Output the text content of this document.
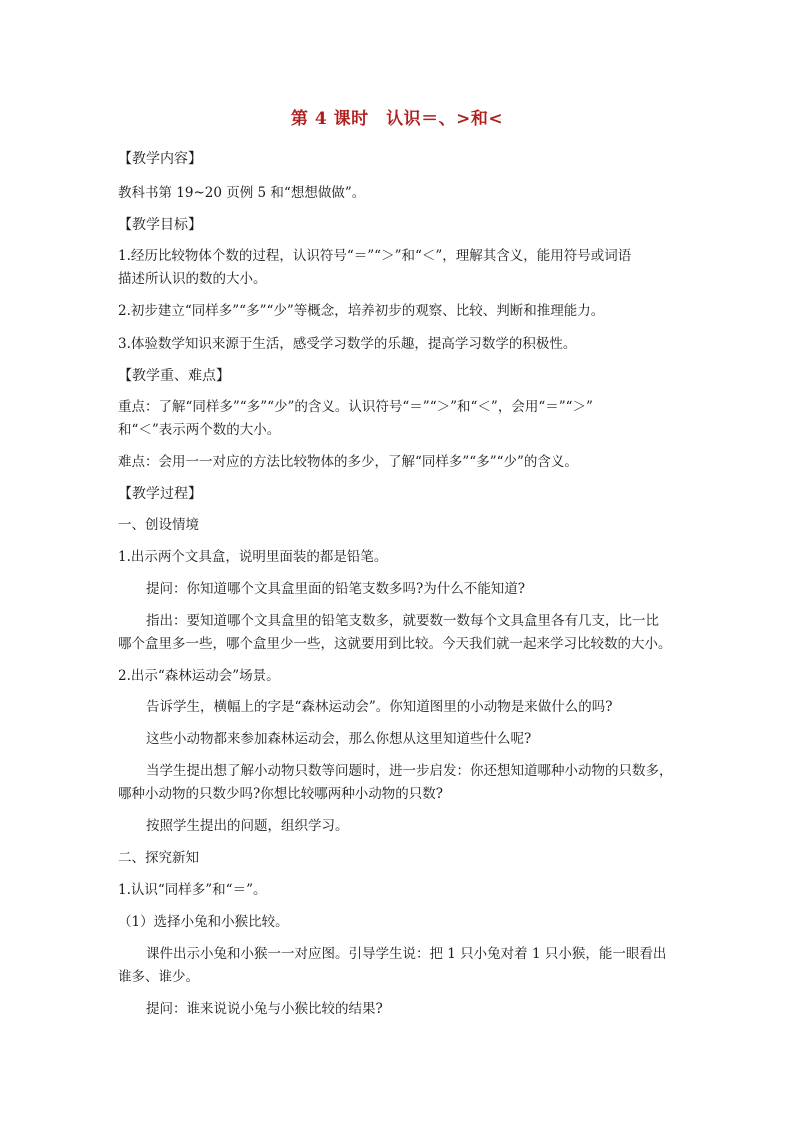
第 4 课时　认识＝、>和<
【教学内容】
教科书第 19~20 页例 5 和“想想做做”。
【教学目标】
1.经历比较物体个数的过程，认识符号“＝”“＞”和“＜”，理解其含义，能用符号或词语
描述所认识的数的大小。
2.初步建立“同样多”“多”“少”等概念，培养初步的观察、比较、判断和推理能力。
3.体验数学知识来源于生活，感受学习数学的乐趣，提高学习数学的积极性。
【教学重、难点】
重点：了解“同样多”“多”“少”的含义。认识符号“＝”“＞”和“＜”，会用“＝”“＞”
和“＜”表示两个数的大小。
难点：会用一一对应的方法比较物体的多少，了解“同样多”“多”“少”的含义。
【教学过程】
一、创设情境
1.出示两个文具盒，说明里面装的都是铅笔。
提问：你知道哪个文具盒里面的铅笔支数多吗?为什么不能知道?
指出：要知道哪个文具盒里的铅笔支数多，就要数一数每个文具盒里各有几支，比一比
哪个盒里多一些，哪个盒里少一些，这就要用到比较。今天我们就一起来学习比较数的大小。
2.出示“森林运动会”场景。
告诉学生，横幅上的字是“森林运动会”。你知道图里的小动物是来做什么的吗?
这些小动物都来参加森林运动会，那么你想从这里知道些什么呢?
当学生提出想了解小动物只数等问题时，进一步启发：你还想知道哪种小动物的只数多，
哪种小动物的只数少吗?你想比较哪两种小动物的只数?
按照学生提出的问题，组织学习。
二、探究新知
1.认识“同样多”和“＝”。
（1）选择小兔和小猴比较。
课件出示小兔和小猴一一对应图。引导学生说：把 1 只小兔对着 1 只小猴，能一眼看出
谁多、谁少。
提问：谁来说说小兔与小猴比较的结果?
